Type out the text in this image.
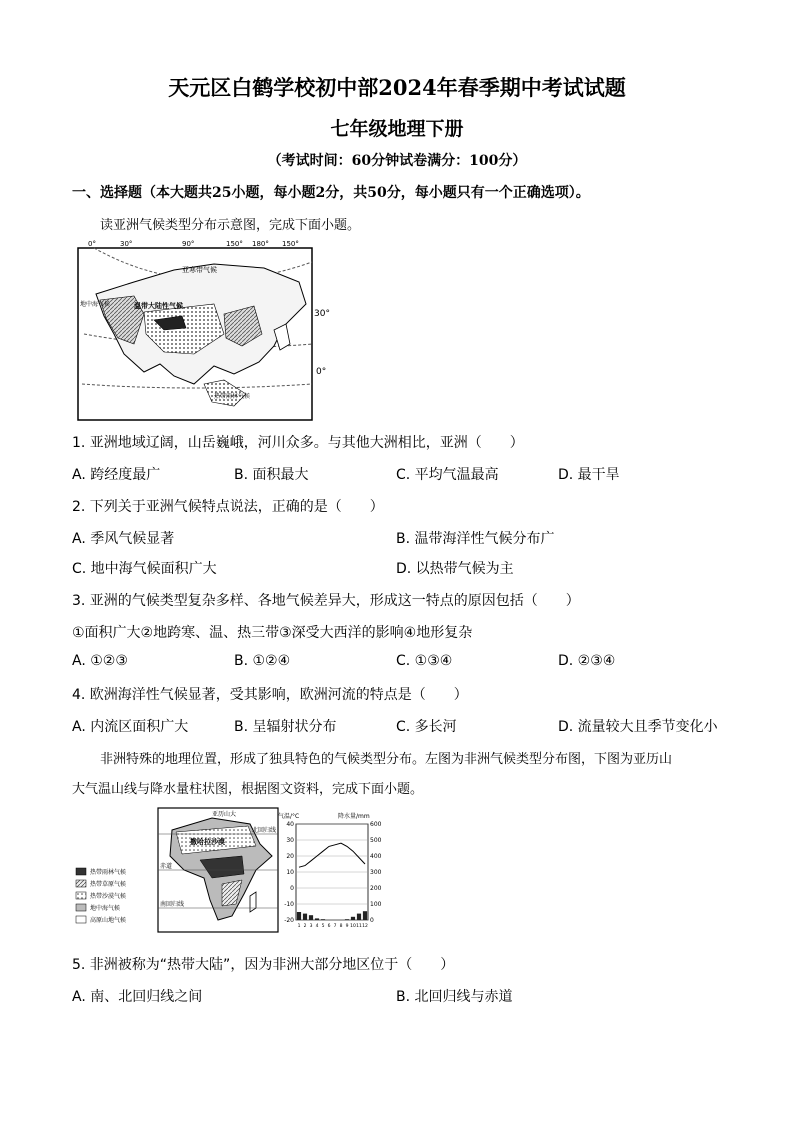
天元区白鹤学校初中部2024年春季期中考试试题
七年级地理下册
（考试时间：60分钟试卷满分：100分）
一、选择题（本大题共25小题，每小题2分，共50分，每小题只有一个正确选项）。
读亚洲气候类型分布示意图，完成下面小题。
亚寒带气候
地中海气候	温带大陆性气候
热带雨林气候
0°	30°	90°	150° 180° 150°
30°
0°
1. 亚洲地域辽阔，山岳巍峨，河川众多。与其他大洲相比，亚洲（　　）
A. 跨经度最广	B. 面积最大	C. 平均气温最高	D. 最干旱
2. 下列关于亚洲气候特点说法，正确的是（　　）
A. 季风气候显著	B. 温带海洋性气候分布广
C. 地中海气候面积广大	D. 以热带气候为主
3. 亚洲的气候类型复杂多样、各地气候差异大，形成这一特点的原因包括（　　）
①面积广大②地跨寒、温、热三带③深受大西洋的影响④地形复杂
A. ①②③	B. ①②④	C. ①③④	D. ②③④
4. 欧洲海洋性气候显著，受其影响，欧洲河流的特点是（　　）
A. 内流区面积广大	B. 呈辐射状分布	C. 多长河	D. 流量较大且季节变化小
非洲特殊的地理位置，形成了独具特色的气候类型分布。左图为非洲气候类型分布图，下图为亚历山
大气温山线与降水量柱状图，根据图文资料，完成下面小题。
亚历山大
撒哈拉沙漠
北回归线
赤道
南回归线
热带雨林气候
热带草原气候
热带沙漠气候
地中海气候
高原山地气候
气温/°C	降水量/mm
-20
-10
0
10
20
30
40
0
100
200
300
400
500
600
1 2 3 4 5 6 7 8 9 10 11 12
5. 非洲被称为“热带大陆”，因为非洲大部分地区位于（　　）
A. 南、北回归线之间	B. 北回归线与赤道
